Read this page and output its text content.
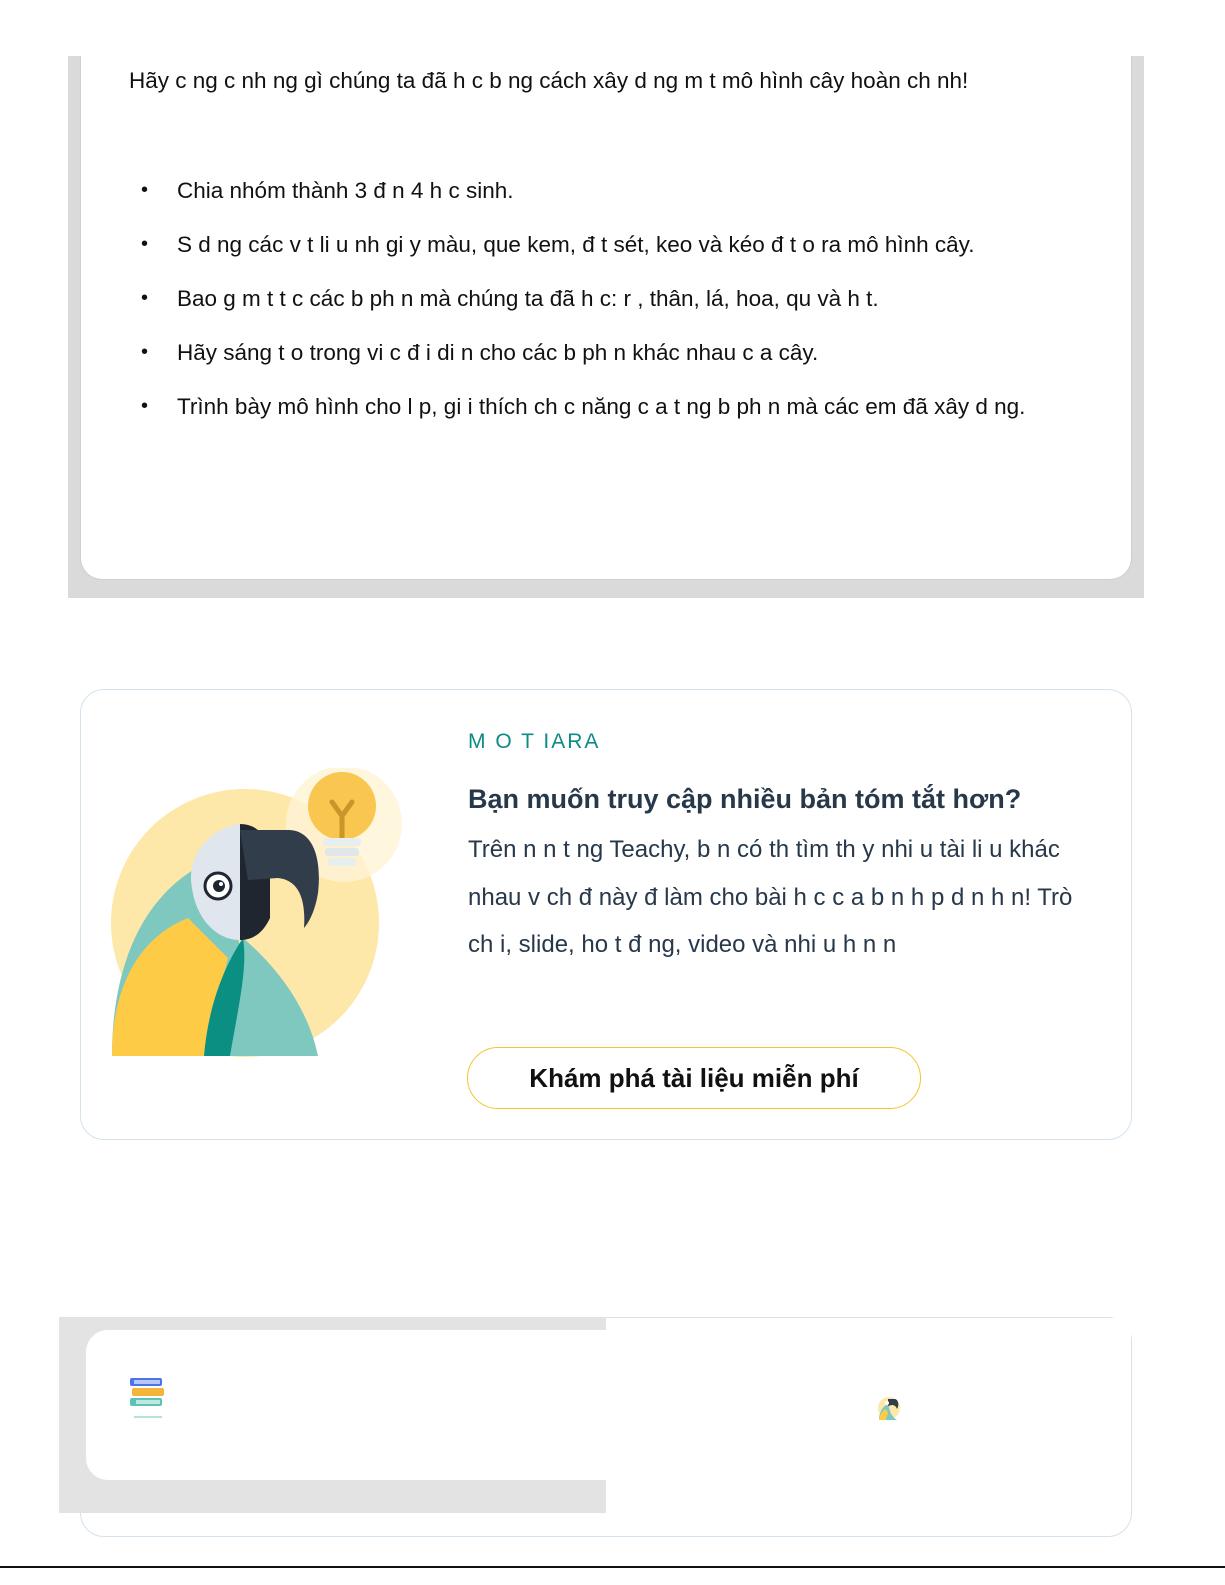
Hãy c ng c nh ng gì chúng ta đã h c b ng cách xây d ng m t mô hình cây hoàn ch nh!

• Chia nhóm thành 3 đ n 4 h c sinh.
• S d ng các v t li u nh gi y màu, que kem, đ t sét, keo và kéo đ t o ra mô hình cây.
• Bao g m t t c các b ph n mà chúng ta đã h c: r , thân, lá, hoa, qu và h t.
• Hãy sáng t o trong vi c đ i di n cho các b ph n khác nhau c a cây.
• Trình bày mô hình cho l p, gi i thích ch c năng c a t ng b ph n mà các em đã xây d ng.
M O T IARA
Bạn muốn truy cập nhiều bản tóm tắt hơn?

Trên n n t ng Teachy, b n có th tìm th y nhi u tài li u khác nhau v ch đ này đ làm cho bài h c c a b n h p d n h n! Trò ch i, slide, ho t đ ng, video và nhi u h n n

Khám phá tài liệu miễn phí
